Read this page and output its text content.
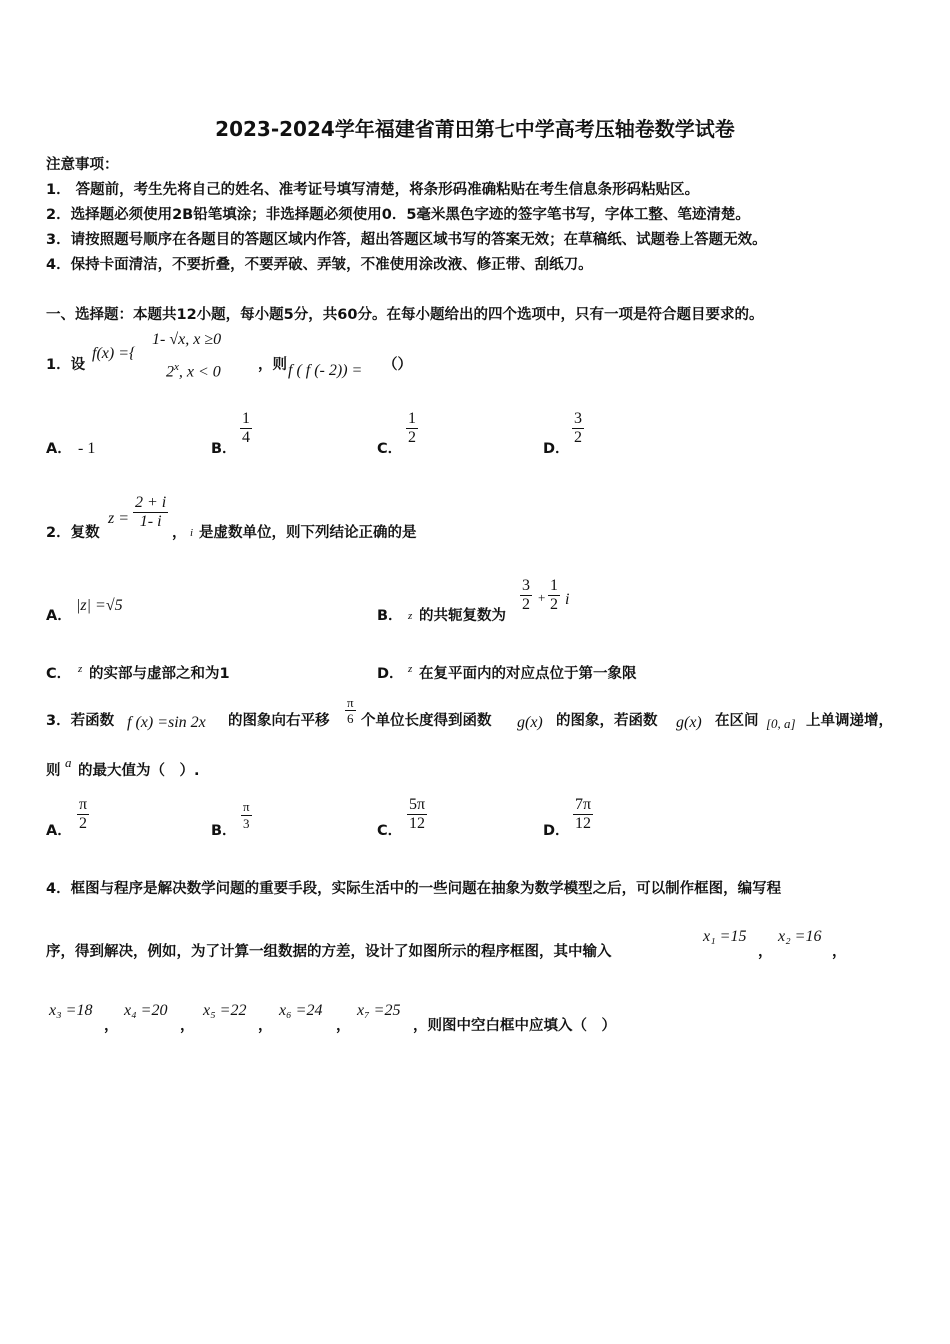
2023-2024学年福建省莆田第七中学高考压轴卷数学试卷
注意事项：
1． 答题前，考生先将自己的姓名、准考证号填写清楚，将条形码准确粘贴在考生信息条形码粘贴区。
2．选择题必须使用2B铅笔填涂；非选择题必须使用0．5毫米黑色字迹的签字笔书写，字体工整、笔迹清楚。
3．请按照题号顺序在各题目的答题区域内作答，超出答题区域书写的答案无效；在草稿纸、试题卷上答题无效。
4．保持卡面清洁，不要折叠，不要弄破、弄皱，不准使用涂改液、修正带、刮纸刀。
一、选择题：本题共12小题，每小题5分，共60分。在每小题给出的四个选项中，只有一项是符合题目要求的。
1．设
f(x) ={
1- √x, x ≥0
2$^x$, x < 0	，则 f ( f (- 2)) = （）
A． - 1	B．
$\frac{1}{4}$
C．
$\frac{1}{2}$
D．
$\frac{3}{2}$
2．复数
$z = \frac{2 + i}{1- i}$
， i 是虚数单位，则下列结论正确的是
A．
|z| =√5
B． z 的共轭复数为
$\frac{3}{2} + \frac{1}{2}$ i
C． z 的实部与虚部之和为1	D． z 在复平面内的对应点位于第一象限
3．若函数 f (x) =sin 2x 的图象向右平移 $\frac{\pi}{6}$ 个单位长度得到函数 g(x) 的图象，若函数 g(x) 在区间 [0, a] 上单调递增，
则
a
的最大值为（　）.
A． $\frac{\pi}{2}$	B． $\frac{\pi}{3}$	C． $\frac{5\pi}{12}$	D． $\frac{7\pi}{12}$
4．框图与程序是解决数学问题的重要手段，实际生活中的一些问题在抽象为数学模型之后，可以制作框图，编写程
序，得到解决，例如，为了计算一组数据的方差，设计了如图所示的程序框图，其中输入
x₁ =15
，
x₂ =16
，
x₃ =18
，
x₄ =20
，
x₅ =22
，
x₆ =24
，
x₇ =25
，则图中空白框中应填入（　）
